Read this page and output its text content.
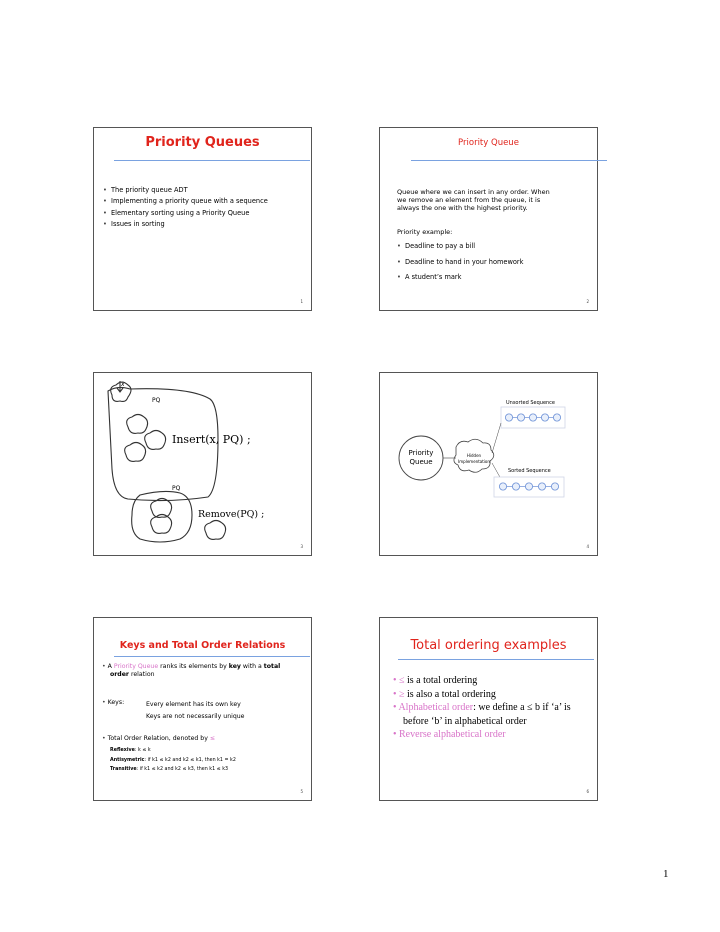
Priority Queues
• The priority queue ADT
• Implementing a priority queue with a sequence
• Elementary sorting using a Priority Queue
• Issues in sorting
1
Priority Queue
Queue where we can insert in any order. When
we remove an element from the queue, it is
always the one with the highest priority.
Priority example:
• Deadline to pay a bill
• Deadline to hand in your homework
• A student’s mark
2
x
PQ
Insert(x, PQ) ;
PQ
Remove(PQ) ;
3
Unsorted Sequence
Priority
Queue
Hidden
Implementation
Sorted Sequence
4
Keys and Total Order Relations
• A Priority Queue ranks its elements by key with a total
order relation
• Keys:	Every element has its own key
Keys are not necessarily unique
• Total Order Relation, denoted by ≤
Reflexive: k ≤ k
Antisymetric: if k1 ≤ k2 and k2 ≤ k1, then k1 = k2
Transitive: if k1 ≤ k2 and k2 ≤ k3, then k1 ≤ k3
5
Total ordering examples
• ≤ is a total ordering
• ≥ is also a total ordering
• Alphabetical order: we define a ≤ b if ‘a’ is
before ‘b’ in alphabetical order
• Reverse alphabetical order
6
1
